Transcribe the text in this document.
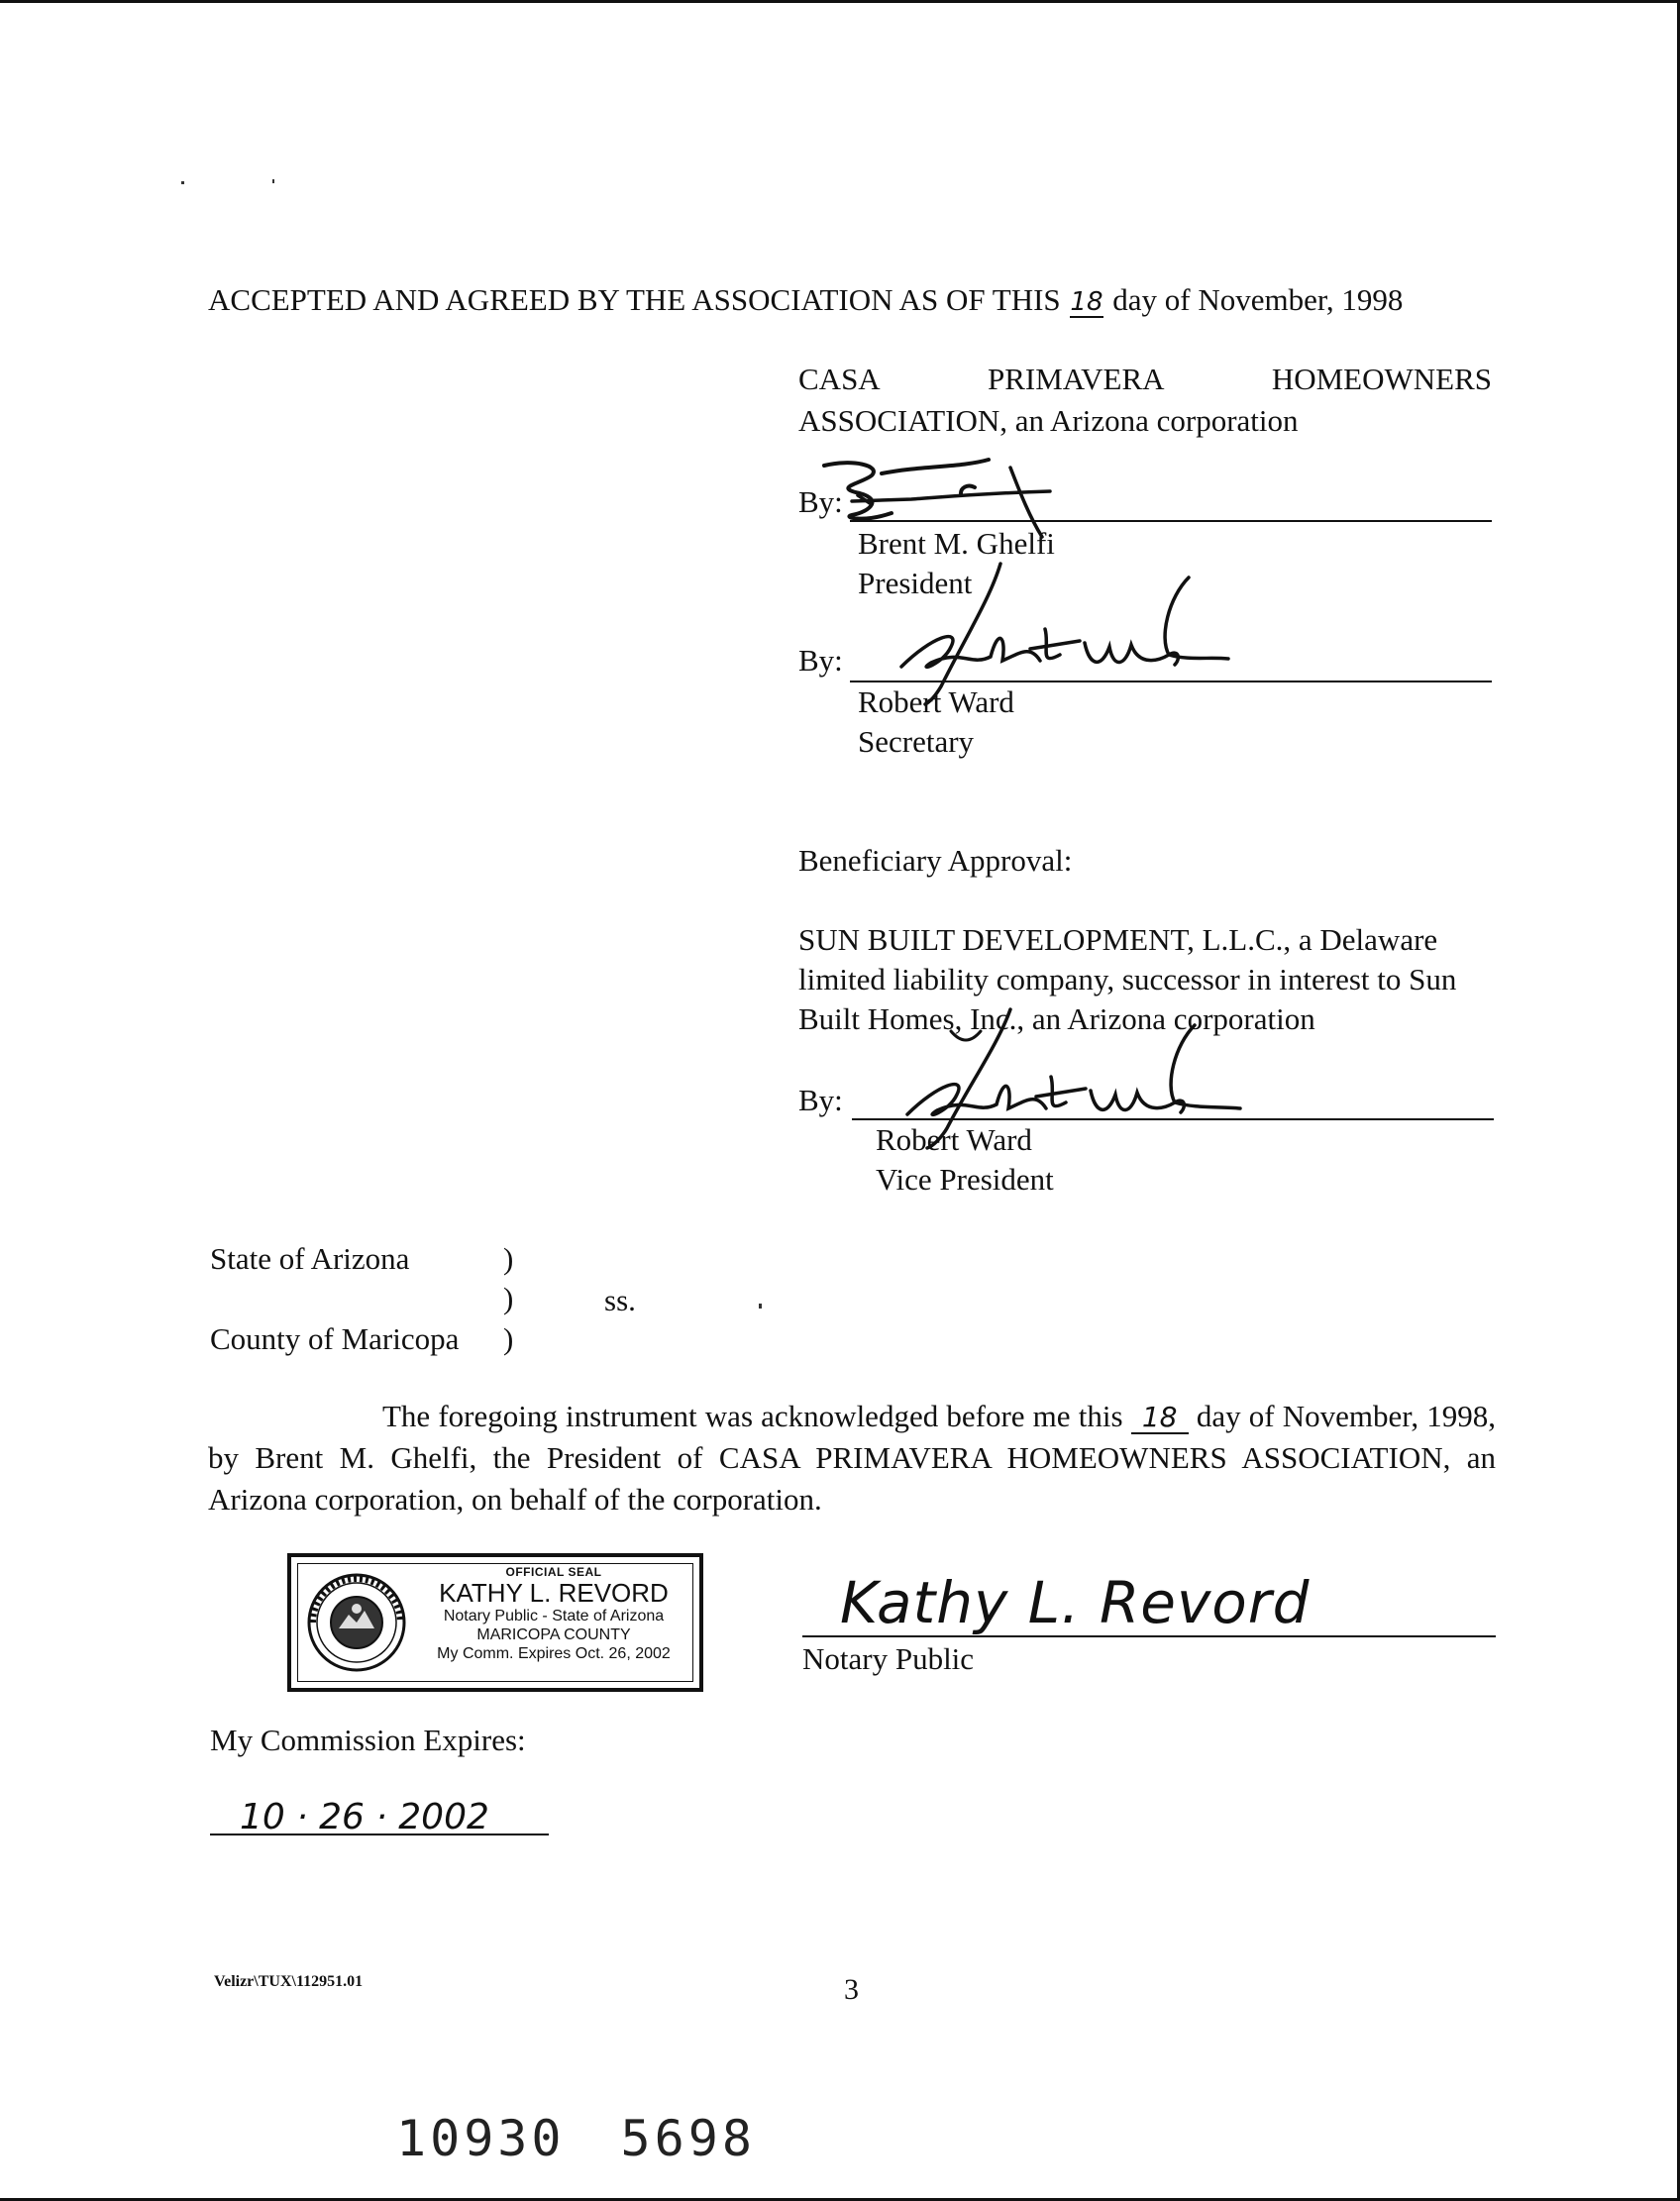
ACCEPTED AND AGREED BY THE ASSOCIATION AS OF THIS 18 day of November, 1998
CASA	PRIMAVERA	HOMEOWNERS
ASSOCIATION, an Arizona corporation
By:
Brent M. Ghelfi
President
By:
Robert Ward
Secretary
Beneficiary Approval:
SUN BUILT DEVELOPMENT, L.L.C., a Delaware
limited liability company, successor in interest to Sun
Built Homes, Inc., an Arizona corporation
By:
Robert Ward
Vice President
State of Arizona	)
)	ss.
County of Maricopa )
The foregoing instrument was acknowledged before me this 18 day of November, 1998, by Brent M. Ghelfi, the President of CASA PRIMAVERA HOMEOWNERS ASSOCIATION, an Arizona corporation, on behalf of the corporation.
OFFICIAL SEAL
KATHY L. REVORD
Notary Public - State of Arizona
MARICOPA COUNTY
My Comm. Expires Oct. 26, 2002
Kathy L. Revord
Notary Public
My Commission Expires:
10 · 26 · 2002
Velizr\TUX\112951.01	3
10930 5698
